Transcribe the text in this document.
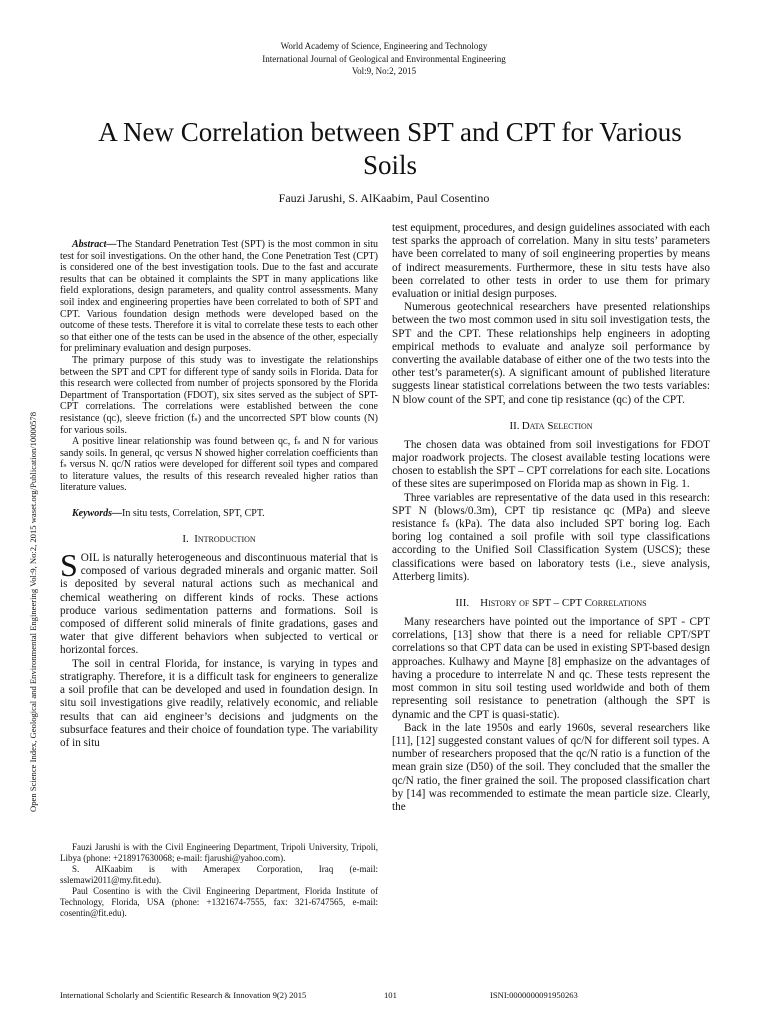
World Academy of Science, Engineering and Technology
International Journal of Geological and Environmental Engineering
Vol:9, No:2, 2015
A New Correlation between SPT and CPT for Various Soils
Fauzi Jarushi, S. AlKaabim, Paul Cosentino
Open Science Index, Geological and Environmental Engineering Vol:9, No:2, 2015 waset.org/Publication/10000578

Abstract—The Standard Penetration Test (SPT) is the most common in situ test for soil investigations. On the other hand, the Cone Penetration Test (CPT) is considered one of the best investigation tools. Due to the fast and accurate results that can be obtained it complaints the SPT in many applications like field explorations, design parameters, and quality control assessments. Many soil index and engineering properties have been correlated to both of SPT and CPT. Various foundation design methods were developed based on the outcome of these tests. Therefore it is vital to correlate these tests to each other so that either one of the tests can be used in the absence of the other, especially for preliminary evaluation and design purposes.

The primary purpose of this study was to investigate the relationships between the SPT and CPT for different type of sandy soils in Florida. Data for this research were collected from number of projects sponsored by the Florida Department of Transportation (FDOT), six sites served as the subject of SPT-CPT correlations. The correlations were established between the cone resistance (qᴄ), sleeve friction (fₛ) and the uncorrected SPT blow counts (N) for various soils.

A positive linear relationship was found between qᴄ, fₛ and N for various sandy soils. In general, qc versus N showed higher correlation coefficients than fₛ versus N. qc/N ratios were developed for different soil types and compared to literature values, the results of this research revealed higher ratios than literature values.

Keywords—In situ tests, Correlation, SPT, CPT.

I. Introduction

SOIL is naturally heterogeneous and discontinuous material that is composed of various degraded minerals and organic matter. Soil is deposited by several natural actions such as mechanical and chemical weathering on different kinds of rocks. These actions produce various sedimentation patterns and formations. Soil is composed of different solid minerals of finite gradations, gases and water that give different behaviors when subjected to vertical or horizontal forces.

The soil in central Florida, for instance, is varying in types and stratigraphy. Therefore, it is a difficult task for engineers to generalize a soil profile that can be developed and used in foundation design. In situ soil investigations give readily, relatively economic, and reliable results that can aid engineer’s decisions and judgments on the subsurface features and their choice of foundation type. The variability of in situ

Fauzi Jarushi is with the Civil Engineering Department, Tripoli University, Tripoli, Libya (phone: +218917630068; e-mail: fjarushi@yahoo.com).

S. AlKaabim is with Amerapex Corporation, Iraq (e-mail: sslemawi2011@my.fit.edu).

Paul Cosentino is with the Civil Engineering Department, Florida Institute of Technology, Florida, USA (phone: +1321674-7555, fax: 321-6747565, e-mail: cosentin@fit.edu).

test equipment, procedures, and design guidelines associated with each test sparks the approach of correlation. Many in situ tests’ parameters have been correlated to many of soil engineering properties by means of indirect measurements. Furthermore, these in situ tests have also been correlated to other tests in order to use them for primary evaluation or initial design purposes.

Numerous geotechnical researchers have presented relationships between the two most common used in situ soil investigation tests, the SPT and the CPT. These relationships help engineers in adopting empirical methods to evaluate and analyze soil performance by converting the available database of either one of the two tests into the other test’s parameter(s). A significant amount of published literature suggests linear statistical correlations between the two tests variables: N blow count of the SPT, and cone tip resistance (qᴄ) of the CPT.

II. Data Selection

The chosen data was obtained from soil investigations for FDOT major roadwork projects. The closest available testing locations were chosen to establish the SPT – CPT correlations for each site. Locations of these sites are superimposed on Florida map as shown in Fig. 1.

Three variables are representative of the data used in this research: SPT N (blows/0.3m), CPT tip resistance qᴄ (MPa) and sleeve resistance fₛ (kPa). The data also included SPT boring log. Each boring log contained a soil profile with soil type classifications according to the Unified Soil Classification System (USCS); these classifications were based on laboratory tests (i.e., sieve analysis, Atterberg limits).

III.  History of SPT – CPT Correlations

Many researchers have pointed out the importance of SPT - CPT correlations, [13] show that there is a need for reliable CPT/SPT correlations so that CPT data can be used in existing SPT-based design approaches. Kulhawy and Mayne [8] emphasize on the advantages of having a procedure to interrelate N and qc. These tests represent the most common in situ soil testing used worldwide and both of them representing soil resistance to penetration (although the SPT is dynamic and the CPT is quasi-static).

Back in the late 1950s and early 1960s, several researchers like [11], [12] suggested constant values of qc/N for different soil types. A number of researchers proposed that the qc/N ratio is a function of the mean grain size (D50) of the soil. They concluded that the smaller the qc/N ratio, the finer grained the soil. The proposed classification chart by [14] was recommended to estimate the mean particle size. Clearly, the

International Scholarly and Scientific Research & Innovation 9(2) 2015	101	ISNI:0000000091950263
